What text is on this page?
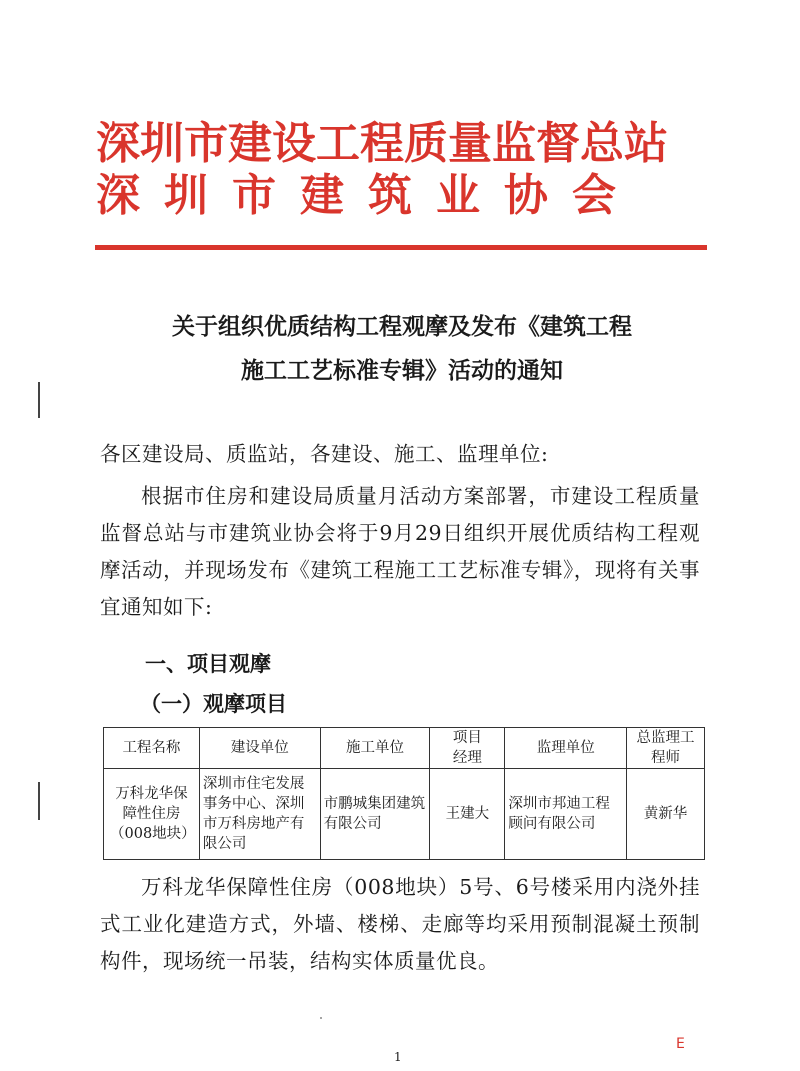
深圳市建设工程质量监督总站
深圳市建筑业协会
关于组织优质结构工程观摩及发布《建筑工程
施工工艺标准专辑》活动的通知
各区建设局、质监站，各建设、施工、监理单位:
根据市住房和建设局质量月活动方案部署，市建设工程质量监督总站与市建筑业协会将于9月29日组织开展优质结构工程观摩活动，并现场发布《建筑工程施工工艺标准专辑》，现将有关事宜通知如下:
一、项目观摩
（一）观摩项目
工程名称	建设单位	施工单位	项目经理	监理单位	总监理工程师
万科龙华保障性住房（008地块）	深圳市住宅发展事务中心、深圳市万科房地产有限公司	市鹏城集团建筑有限公司	王建大	深圳市邦迪工程顾问有限公司	黄新华
万科龙华保障性住房（008地块）5号、6号楼采用内浇外挂式工业化建造方式，外墙、楼梯、走廊等均采用预制混凝土预制构件，现场统一吊装，结构实体质量优良。
1
E
